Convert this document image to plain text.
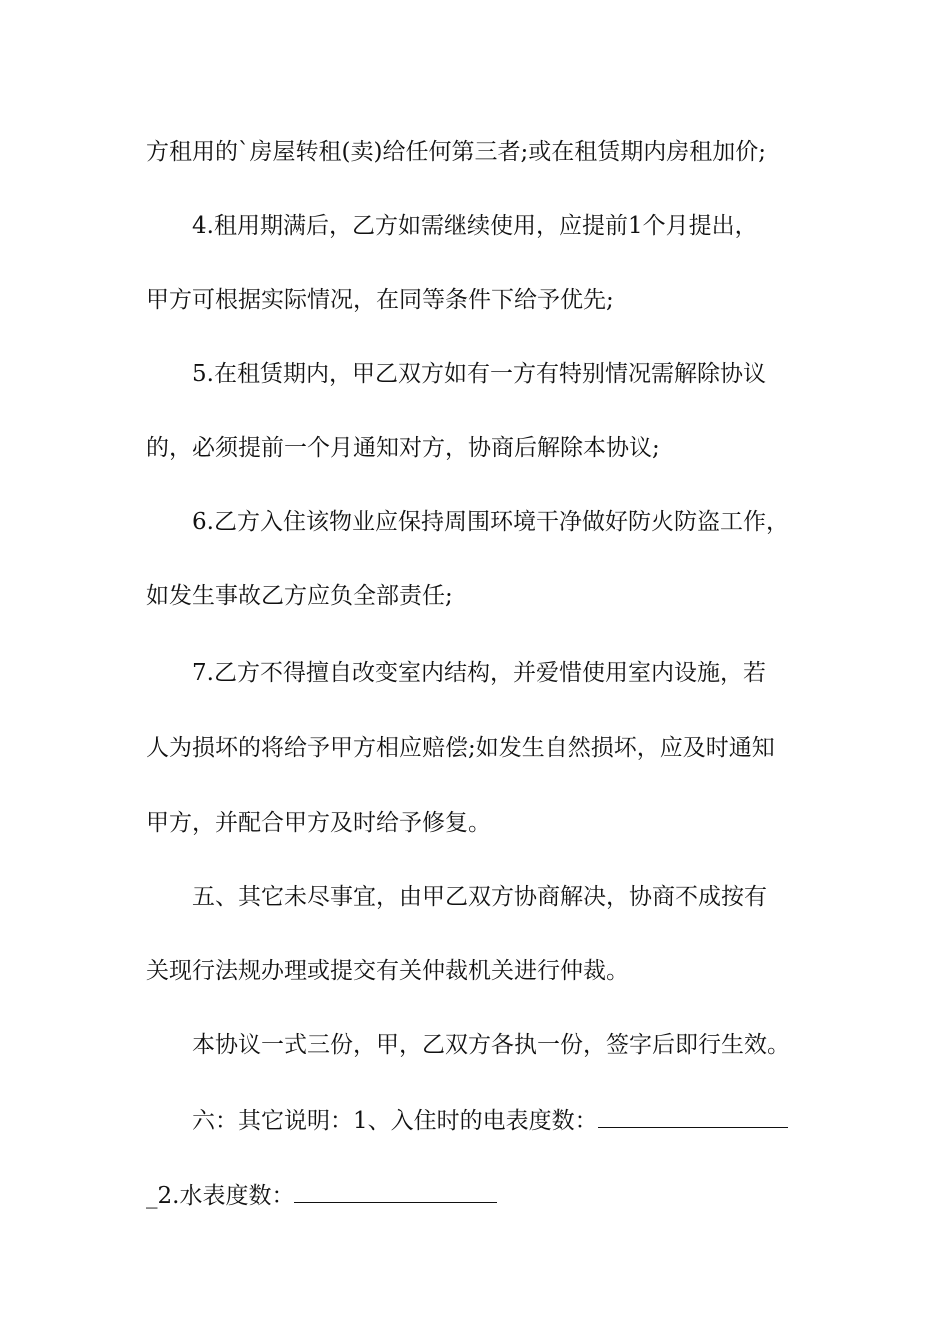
方租用的`房屋转租(卖)给任何第三者;或在租赁期内房租加价;
4.租用期满后，乙方如需继续使用，应提前1个月提出，
甲方可根据实际情况，在同等条件下给予优先;
5.在租赁期内，甲乙双方如有一方有特别情况需解除协议
的，必须提前一个月通知对方，协商后解除本协议;
6.乙方入住该物业应保持周围环境干净做好防火防盗工作，
如发生事故乙方应负全部责任;
7.乙方不得擅自改变室内结构，并爱惜使用室内设施，若
人为损坏的将给予甲方相应赔偿;如发生自然损坏，应及时通知
甲方，并配合甲方及时给予修复。
五、其它未尽事宜，由甲乙双方协商解决，协商不成按有
关现行法规办理或提交有关仲裁机关进行仲裁。
本协议一式三份，甲，乙双方各执一份，签字后即行生效。
六：其它说明：1、入住时的电表度数：
_2.水表度数：
